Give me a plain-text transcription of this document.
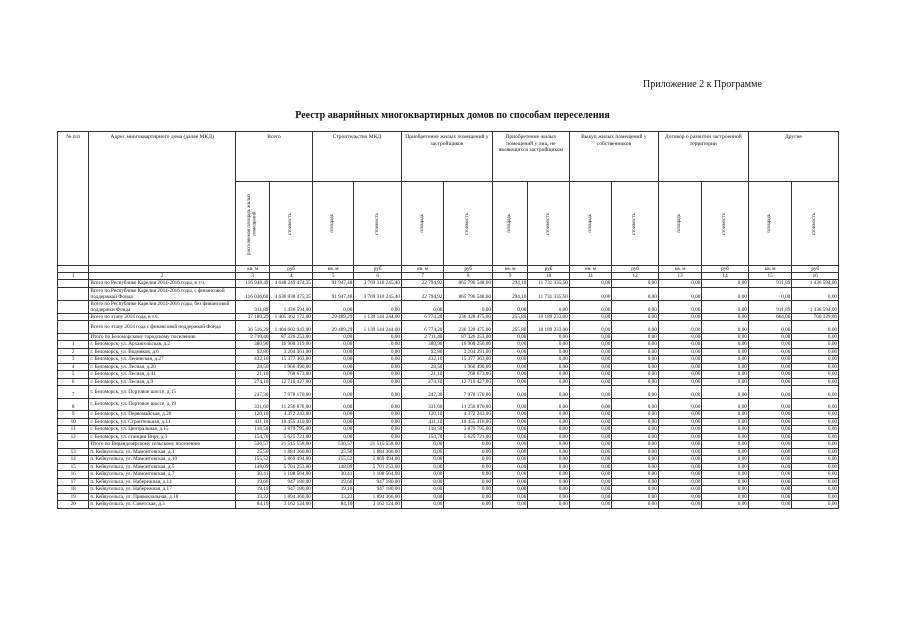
Приложение 2 к Программе
Реестр аварийных многоквартирных домов по способам переселения
№ п/п	Адрес многоквартирного дома (далее МКД)	Всего		Строительство МКД		Приобретение жилых помещений у застройщиков		Приобретение жилых помещений у лиц, не являющихся застройщиком		Выкуп жилых помещений у собственников		Договор о развитии застроенной территории		Другие	

		расселяемая площадь жилых помещений	стоимость	площадь	стоимость	площадь	стоимость	площадь	стоимость	площадь	стоимость	площадь	стоимость	площадь	стоимость

		кв. м	руб	кв. м	руб	кв. м	руб	кв. м	руб	кв. м	руб	кв. м	руб	кв. м	руб
1	2	3	4	5	6	7	8	9	10	11	12	13	14	15	16
	Всего по Республике Карелия 2014-2016 годы, в т.ч.	116 948,49	4 648 249 474,35	91 947,48	3 769 310 245,40	22 794,92	865 796 548,60	294,10	11 731 335,50	0,00	0,00	0,00	0,00	911,89	1 436 594,00
	Всего по Республике Карелия 2014-2016 годы, с финансовой поддержкой Фонда	116 036,60	4 636 838 475,35	91 947,48	3 769 310 245,40	22 794,92	865 796 548,60	294,10	11 731 335,50	0,00	0,00	0,00	0,00	0,00	0,00
	Всего по Республике Карелия 2014-2016 годы, без финансовой поддержки Фонда	911,89	1 436 594,00	0,00	0,00	0,00	0,00	0,00	0,00	0,00	0,00	0,00	0,00	911,89	1 436 594,00
	Всего по этапу 2014 года, в т.ч.	37 180,29	1 405 362 172,00	29 489,29	1 139 144 244,00	6 774,20	236 328 475,00	255,80	10 189 233,00	0,00	0,00	0,00	0,00	664,00	760 129,00
	Всего по этапу 2014 года с финансовой поддержкой Фонда	36 516,29	1 404 602 043,00	29 489,29	1 139 144 244,00	6 774,20	236 328 475,00	255,80	10 189 233,00	0,00	0,00	0,00	0,00	0,00	0,00
	Итого по Беломорскому городскому поселению	2 710,40	87 326 253,00	0,00	0,00	2 711,40	87 326 253,00	0,00	0,00	0,00	0,00	0,00	0,00	0,00	0,00
1	г. Беломорск, ул. Архангельская, д.2	380,90	16 908 319,00	0,00	0,00	380,90	16 908 250,00	0,00	0,00	0,00	0,00	0,00	0,00	0,00	0,00
2	г. Беломорск, ул. Водников, д.6	92,80	3 204 361,00	0,00	0,00	92,80	3 204 291,00	0,00	0,00	0,00	0,00	0,00	0,00	0,00	0,00
3	г. Беломорск, ул. Ленинская, д.27	432,10	15 377 363,00	0,00	0,00	432,10	15 377 363,00	0,00	0,00	0,00	0,00	0,00	0,00	0,00	0,00
4	г. Беломорск, ул. Лесная, д.20	28,50	1 966 490,00	0,00	0,00	28,50	1 966 490,00	0,00	0,00	0,00	0,00	0,00	0,00	0,00	0,00
5	г. Беломорск, ул. Лесная, д.41	21,10	768 673,00	0,00	0,00	21,10	768 673,00	0,00	0,00	0,00	0,00	0,00	0,00	0,00	0,00
6	г. Беломорск, ул. Лесная, д.9	274,10	12 710 427,00	0,00	0,00	274,10	12 710 427,00	0,00	0,00	0,00	0,00	0,00	0,00	0,00	0,00
7	г. Беломорск, ул. Портовое шоссе, д.15	247,30	7 978 170,00	0,00	0,00	247,30	7 978 170,00	0,00	0,00	0,00	0,00	0,00	0,00	0,00	0,00
8	г. Беломорск, ул. Портовое шоссе, д.19	331,60	11 256 870,00	0,00	0,00	331,60	11 256 870,00	0,00	0,00	0,00	0,00	0,00	0,00	0,00	0,00
9	г. Беломорск, ул. Первомайская, д.20	120,10	4 372 243,00	0,00	0,00	120,10	4 372 243,00	0,00	0,00	0,00	0,00	0,00	0,00	0,00	0,00
10	г. Беломорск, ул. Строительная, д.11	411,10	10 455 410,00	0,00	0,00	411,10	10 455 410,00	0,00	0,00	0,00	0,00	0,00	0,00	0,00	0,00
11	г. Беломорск, ул. Центральная, д.15	118,50	3 879 795,00	0,00	0,00	118,50	3 879 795,00	0,00	0,00	0,00	0,00	0,00	0,00	0,00	0,00
12	г. Беломорск, ул. станции Вирт, д.1	154,70	5 625 721,00	0,00	0,00	154,70	5 625 721,00	0,00	0,00	0,00	0,00	0,00	0,00	0,00	0,00
	Итого по Вирандозерскому сельскому поселению	536,57	21 515 558,00	536,57	21 515 558,00	0,00	0,00	0,00	0,00	0,00	0,00	0,00	0,00	0,00	0,00
13	п. Кейвусельга, ул. Мамонтовская, д.1	25,50	1 884 360,00	25,50	1 884 366,00	0,00	0,00	0,00	0,00	0,00	0,00	0,00	0,00	0,00	0,00
14	п. Кейвусельга, ул. Мамонтовская, д.10	155,52	5 869 494,00	155,52	5 869 494,00	0,00	0,00	0,00	0,00	0,00	0,00	0,00	0,00	0,00	0,00
15	п. Кейвусельга, ул. Мамонтовская, д.5	148,09	5 701 253,00	148,09	5 701 253,00	0,00	0,00	0,00	0,00	0,00	0,00	0,00	0,00	0,00	0,00
16	п. Кейвусельга, ул. Мамонтовская, д.7	30,41	1 108 564,00	30,41	1 108 564,00	0,00	0,00	0,00	0,00	0,00	0,00	0,00	0,00	0,00	0,00
17	п. Кейвусельга, ул. Набережная, д.14	19,66	947 180,00	19,66	947 180,00	0,00	0,00	0,00	0,00	0,00	0,00	0,00	0,00	0,00	0,00
18	п. Кейвусельга, ул. Набережная, д.17	19,10	947 180,00	19,10	947 180,00	0,00	0,00	0,00	0,00	0,00	0,00	0,00	0,00	0,00	0,00
19	п. Кейвусельга, ул. Привокзальная, д.18	33,22	1 894 360,00	33,22	1 894 366,00	0,00	0,00	0,00	0,00	0,00	0,00	0,00	0,00	0,00	0,00
20	п. Кейвусельга, ул. Советская, д.3	84,10	3 162 124,00	84,10	3 162 124,00	0,00	0,00	0,00	0,00	0,00	0,00	0,00	0,00	0,00	0,00
